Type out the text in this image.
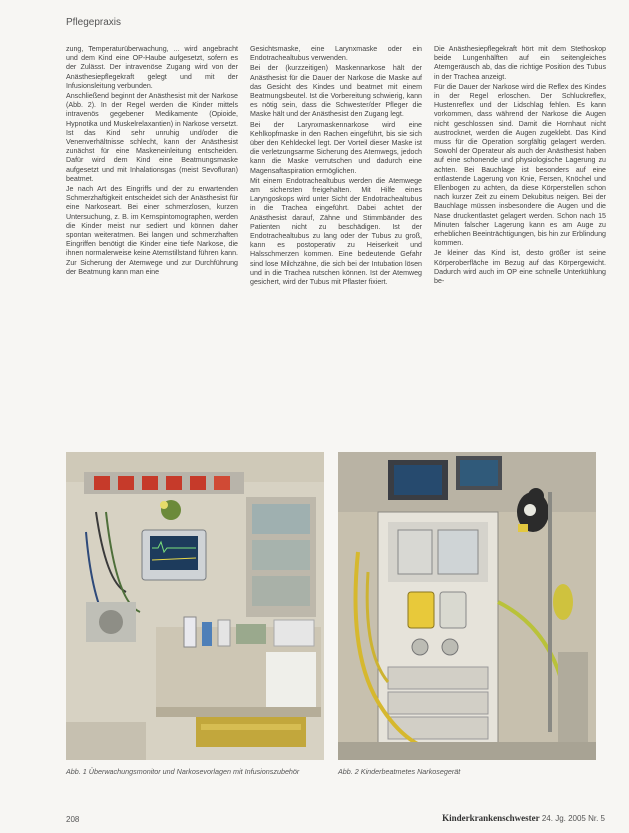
Pflegepraxis

zung, Temperaturüberwachung, ... wird angebracht und dem Kind eine OP-Haube aufgesetzt, sofern es der Zulässt. Der intravenöse Zugang wird von der Anästhesiepflegekraft gelegt und mit der Infusionsleitung verbunden.

Anschließend beginnt der Anästhesist mit der Narkose (Abb. 2). In der Regel werden die Kinder mittels intravenös gegebener Medikamente (Opioide, Hypnotika und Muskelrelaxantien) in Narkose versetzt. Ist das Kind sehr unruhig und/oder die Venenverhältnisse schlecht, kann der Anästhesist zunächst für eine Maskeneinleitung entscheiden. Dafür wird dem Kind eine Beatmungsmaske aufgesetzt und mit Inhalationsgas (meist Sevofluran) beatmet.

Je nach Art des Eingriffs und der zu erwartenden Schmerzhaftigkeit entscheidet sich der Anästhesist für eine Narkoseart. Bei einer schmerzlosen, kurzen Untersuchung, z. B. im Kernspintomographen, werden die Kinder meist nur sediert und können daher spontan weiteratmen. Bei langen und schmerzhaften Eingriffen benötigt die Kinder eine tiefe Narkose, die ihnen normalerweise keine Atemstillstand führen kann. Zur Sicherung der Atemwege und zur Durchführung der Beatmung kann man eine

Gesichtsmaske, eine Larynxmaske oder ein Endotrachealtubus verwenden.

Bei der (kurzzeitigen) Maskennarkose hält der Anästhesist für die Dauer der Narkose die Maske auf das Gesicht des Kindes und beatmet mit einem Beatmungsbeutel. Ist die Vorbereitung schwierig, kann es nötig sein, dass die Schwester/der Pfleger die Maske hält und der Anästhesist den Zugang legt.

Bei der Larynxmaskennarkose wird eine Kehlkopfmaske in den Rachen eingeführt, bis sie sich über den Kehldeckel legt. Der Vorteil dieser Maske ist die verletzungsarme Sicherung des Atemwegs, jedoch kann die Maske verrutschen und dadurch eine Magensaftaspiration ermöglichen.

Mit einem Endotrachealtubus werden die Atemwege am sichersten freigehalten. Mit Hilfe eines Laryngoskops wird unter Sicht der Endotrachealtubus in die Trachea eingeführt. Dabei achtet der Anästhesist darauf, Zähne und Stimmbänder des Patienten nicht zu beschädigen. Ist der Endotrachealtubus zu lang oder der Tubus zu groß, kann es postoperativ zu Heiserkeit und Halsschmerzen kommen. Eine bedeutende Gefahr sind lose Milchzähne, die sich bei der Intubation lösen und in die Trachea rutschen können. Ist der Atemweg gesichert, wird der Tubus mit Pflaster fixiert.

Die Anästhesiepflegekraft hört mit dem Stethoskop beide Lungenhälften auf ein seitengleiches Atemgeräusch ab, das die richtige Position des Tubus in der Trachea anzeigt.

Für die Dauer der Narkose wird die Reflex des Kindes in der Regel erloschen. Der Schluckreflex, Hustenreflex und der Lidschlag fehlen. Es kann vorkommen, dass während der Narkose die Augen nicht geschlossen sind. Damit die Hornhaut nicht austrocknet, werden die Augen zugeklebt. Das Kind muss für die Operation sorgfältig gelagert werden. Sowohl der Operateur als auch der Anästhesist haben auf eine schonende und physiologische Lagerung zu achten. Bei Bauchlage ist besonders auf eine entlastende Lagerung von Knie, Fersen, Knöchel und Ellenbogen zu achten, da diese Körperstellen schon nach kurzer Zeit zu einem Dekubitus neigen. Bei der Bauchlage müssen insbesondere die Augen und die Nase druckentlastet gelagert werden. Schon nach 15 Minuten falscher Lagerung kann es am Auge zu erheblichen Beeinträchtigungen, bis hin zur Erblindung kommen.

Je kleiner das Kind ist, desto größer ist seine Körperoberfläche im Bezug auf das Körpergewicht. Dadurch wird auch im OP eine schnelle Unterkühlung be-

Abb. 1 Überwachungsmonitor und Narkosevorlagen mit Infusionszubehör	Abb. 2 Kinderbeatmetes Narkosegerät
208	Kinderkrankenschwester 24. Jg. 2005 Nr. 5
